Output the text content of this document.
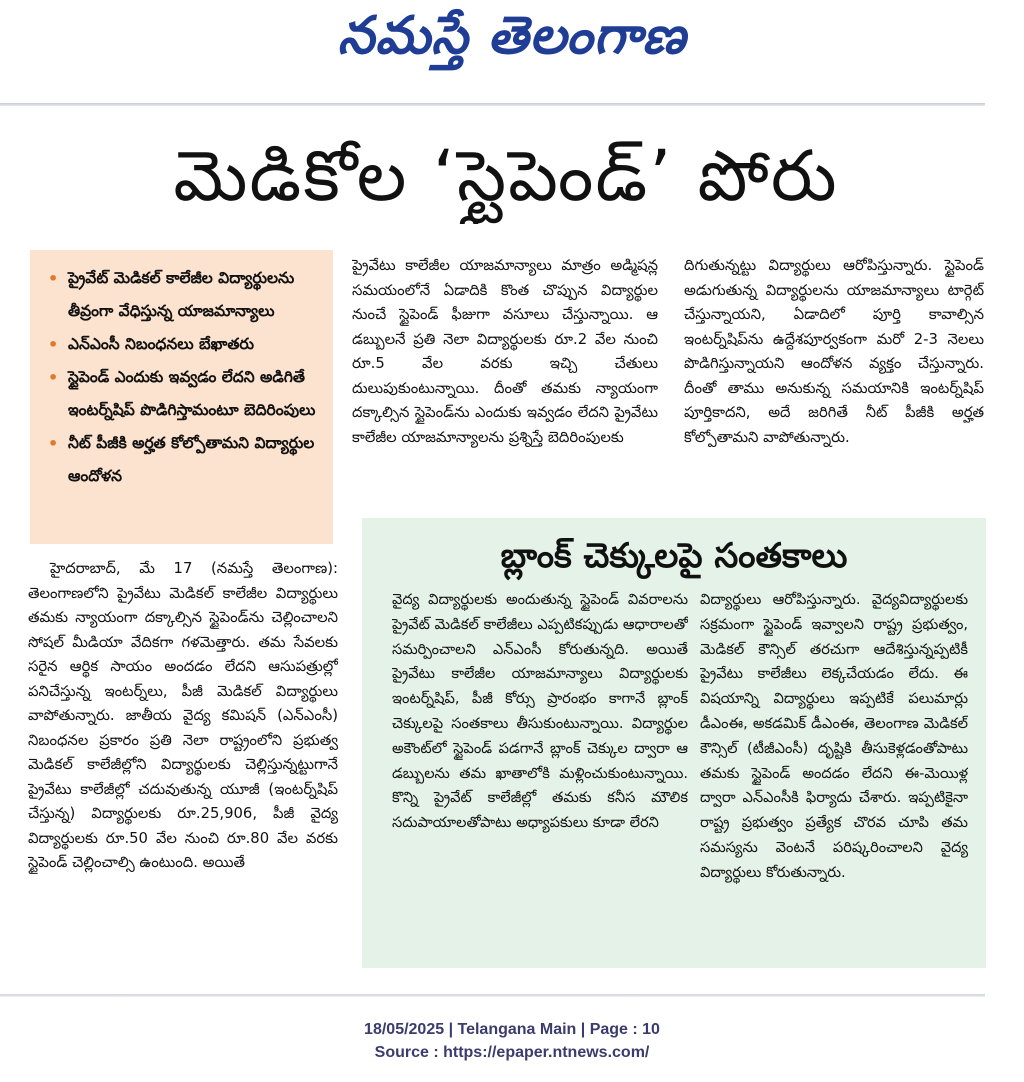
నమస్తే తెలంగాణ
మెడికోల ‘స్టైపెండ్‌’ పోరు
• ప్రైవేట్‌ మెడికల్‌ కాలేజీల విద్యార్థులను తీవ్రంగా వేధిస్తున్న యాజమాన్యాలు
• ఎన్‌ఎంసీ నిబంధనలు బేఖాతరు
• స్టైపెండ్‌ ఎందుకు ఇవ్వడం లేదని అడిగితే ఇంటర్న్‌షిప్‌ పొడిగిస్తామంటూ బెదిరింపులు
• నీట్‌ పీజీకి అర్హత కోల్పోతామని విద్యార్థుల ఆందోళన

హైదరాబాద్‌, మే 17 (నమస్తే తెలంగాణ): తెలంగాణలోని ప్రైవేటు మెడికల్‌ కాలేజీల విద్యార్థులు తమకు న్యాయంగా దక్కాల్సిన స్టైపెండ్‌ను చెల్లించాలని సోషల్‌ మీడియా వేదికగా గళమెత్తారు. తమ సేవలకు సరైన ఆర్థిక సాయం అందడం లేదని ఆసుపత్రుల్లో పనిచేస్తున్న ఇంటర్న్‌లు, పీజీ మెడికల్‌ విద్యార్థులు వాపోతున్నారు. జాతీయ వైద్య కమిషన్‌ (ఎన్‌ఎంసీ) నిబంధనల ప్రకారం ప్రతి నెలా రాష్ట్రంలోని ప్రభుత్వ మెడికల్‌ కాలేజీల్లోని విద్యార్థులకు చెల్లిస్తున్నట్టుగానే ప్రైవేటు కాలేజీల్లో చదువుతున్న యూజీ (ఇంటర్న్‌షిప్‌ చేస్తున్న) విద్యార్థులకు రూ.25,906, పీజీ వైద్య విద్యార్థులకు రూ.50 వేల నుంచి రూ.80 వేల వరకు స్టైపెండ్‌ చెల్లించాల్సి ఉంటుంది. అయితే

ప్రైవేటు కాలేజీల యాజమాన్యాలు మాత్రం అడ్మిషన్ల సమయంలోనే ఏడాదికి కొంత చొప్పున విద్యార్థుల నుంచే స్టైపెండ్‌ ఫీజుగా వసూలు చేస్తున్నాయి. ఆ డబ్బులనే ప్రతి నెలా విద్యార్థులకు రూ.2 వేల నుంచి రూ.5 వేల వరకు ఇచ్చి చేతులు దులుపుకుంటున్నాయి. దీంతో తమకు న్యాయంగా దక్కాల్సిన స్టైపెండ్‌ను ఎందుకు ఇవ్వడం లేదని ప్రైవేటు కాలేజీల యాజమాన్యాలను ప్రశ్నిస్తే బెదిరింపులకు

దిగుతున్నట్టు విద్యార్థులు ఆరోపిస్తున్నారు. స్టైపెండ్‌ అడుగుతున్న విద్యార్థులను యాజమాన్యాలు టార్గెట్‌ చేస్తున్నాయని, ఏడాదిలో పూర్తి కావాల్సిన ఇంటర్న్‌షిప్‌ను ఉద్దేశపూర్వకంగా మరో 2-3 నెలలు పొడిగిస్తున్నాయని ఆందోళన వ్యక్తం చేస్తున్నారు. దీంతో తాము అనుకున్న సమయానికి ఇంటర్న్‌షిప్‌ పూర్తికాదని, అదే జరిగితే నీట్‌ పీజీకి అర్హత కోల్పోతామని వాపోతున్నారు.

బ్లాంక్‌ చెక్కులపై సంతకాలు

వైద్య విద్యార్థులకు అందుతున్న స్టైపెండ్‌ వివరాలను ప్రైవేట్‌ మెడికల్‌ కాలేజీలు ఎప్పటికప్పుడు ఆధారాలతో సమర్పించాలని ఎన్‌ఎంసీ కోరుతున్నది. అయితే ప్రైవేటు కాలేజీల యాజమాన్యాలు విద్యార్థులకు ఇంటర్న్‌షిప్‌, పీజీ కోర్సు ప్రారంభం కాగానే బ్లాంక్‌ చెక్కులపై సంతకాలు తీసుకుంటున్నాయి. విద్యార్థుల అకౌంట్‌లో స్టైపెండ్‌ పడగానే బ్లాంక్‌ చెక్కుల ద్వారా ఆ డబ్బులను తమ ఖాతాలోకి మళ్లించుకుంటున్నాయి. కొన్ని ప్రైవేట్‌ కాలేజీల్లో తమకు కనీస మౌలిక సదుపాయాలతోపాటు అధ్యాపకులు కూడా లేరని

విద్యార్థులు ఆరోపిస్తున్నారు. వైద్యవిద్యార్థులకు సక్రమంగా స్టైపెండ్‌ ఇవ్వాలని రాష్ట్ర ప్రభుత్వం, మెడికల్‌ కౌన్సిల్‌ తరచుగా ఆదేశిస్తున్నప్పటికీ ప్రైవేటు కాలేజీలు లెక్కచేయడం లేదు. ఈ విషయాన్ని విద్యార్థులు ఇప్పటికే పలుమార్లు డీఎంఈ, అకడమిక్‌ డీఎంఈ, తెలంగాణ మెడికల్‌ కౌన్సిల్‌ (టీజీఎంసీ) దృష్టికి తీసుకెళ్లడంతోపాటు తమకు స్టైపెండ్‌ అందడం లేదని ఈ-మెయిళ్ల ద్వారా ఎన్‌ఎంసీకి ఫిర్యాదు చేశారు. ఇప్పటికైనా రాష్ట్ర ప్రభుత్వం ప్రత్యేక చొరవ చూపి తమ సమస్యను వెంటనే పరిష్కరించాలని వైద్య విద్యార్థులు కోరుతున్నారు.

18/05/2025 | Telangana Main | Page : 10
Source : https://epaper.ntnews.com/
